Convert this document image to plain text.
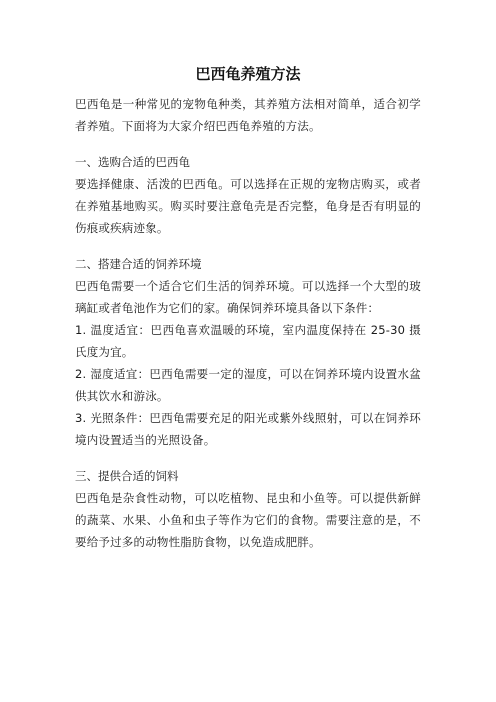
巴西龟养殖方法

巴西龟是一种常见的宠物龟种类，其养殖方法相对简单，适合初学者养殖。下面将为大家介绍巴西龟养殖的方法。

一、选购合适的巴西龟

要选择健康、活泼的巴西龟。可以选择在正规的宠物店购买，或者在养殖基地购买。购买时要注意龟壳是否完整，龟身是否有明显的伤痕或疾病迹象。

二、搭建合适的饲养环境

巴西龟需要一个适合它们生活的饲养环境。可以选择一个大型的玻璃缸或者龟池作为它们的家。确保饲养环境具备以下条件：

1. 温度适宜：巴西龟喜欢温暖的环境，室内温度保持在 25-30 摄氏度为宜。

2. 湿度适宜：巴西龟需要一定的湿度，可以在饲养环境内设置水盆供其饮水和游泳。

3. 光照条件：巴西龟需要充足的阳光或紫外线照射，可以在饲养环境内设置适当的光照设备。

三、提供合适的饲料

巴西龟是杂食性动物，可以吃植物、昆虫和小鱼等。可以提供新鲜的蔬菜、水果、小鱼和虫子等作为它们的食物。需要注意的是，不要给予过多的动物性脂肪食物，以免造成肥胖。
